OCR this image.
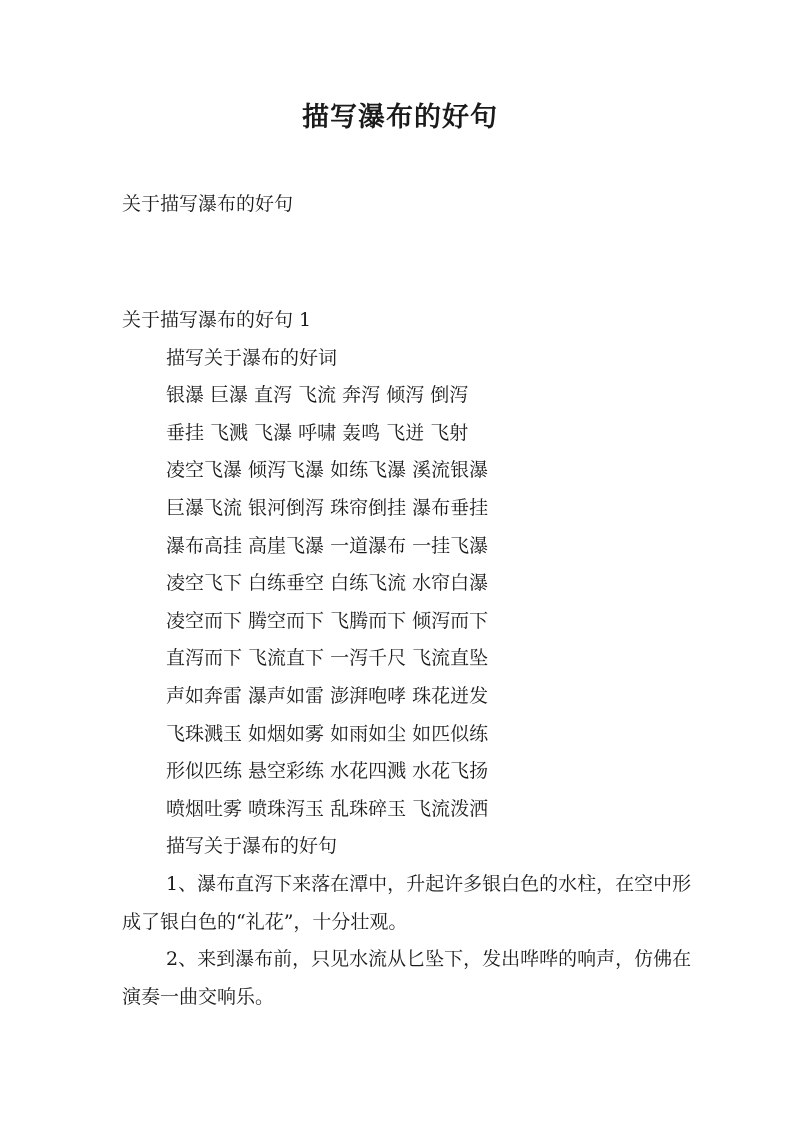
描写瀑布的好句
关于描写瀑布的好句
关于描写瀑布的好句 1
描写关于瀑布的好词
银瀑 巨瀑 直泻 飞流 奔泻 倾泻 倒泻
垂挂 飞溅 飞瀑 呼啸 轰鸣 飞迸 飞射
凌空飞瀑 倾泻飞瀑 如练飞瀑 溪流银瀑
巨瀑飞流 银河倒泻 珠帘倒挂 瀑布垂挂
瀑布高挂 高崖飞瀑 一道瀑布 一挂飞瀑
凌空飞下 白练垂空 白练飞流 水帘白瀑
凌空而下 腾空而下 飞腾而下 倾泻而下
直泻而下 飞流直下 一泻千尺 飞流直坠
声如奔雷 瀑声如雷 澎湃咆哮 珠花迸发
飞珠溅玉 如烟如雾 如雨如尘 如匹似练
形似匹练 悬空彩练 水花四溅 水花飞扬
喷烟吐雾 喷珠泻玉 乱珠碎玉 飞流泼洒
描写关于瀑布的好句
1、瀑布直泻下来落在潭中，升起许多银白色的水柱，在空中形成了银白色的“礼花”，十分壮观。
2、来到瀑布前，只见水流从匕坠下，发出哗哗的响声，仿佛在演奏一曲交响乐。
